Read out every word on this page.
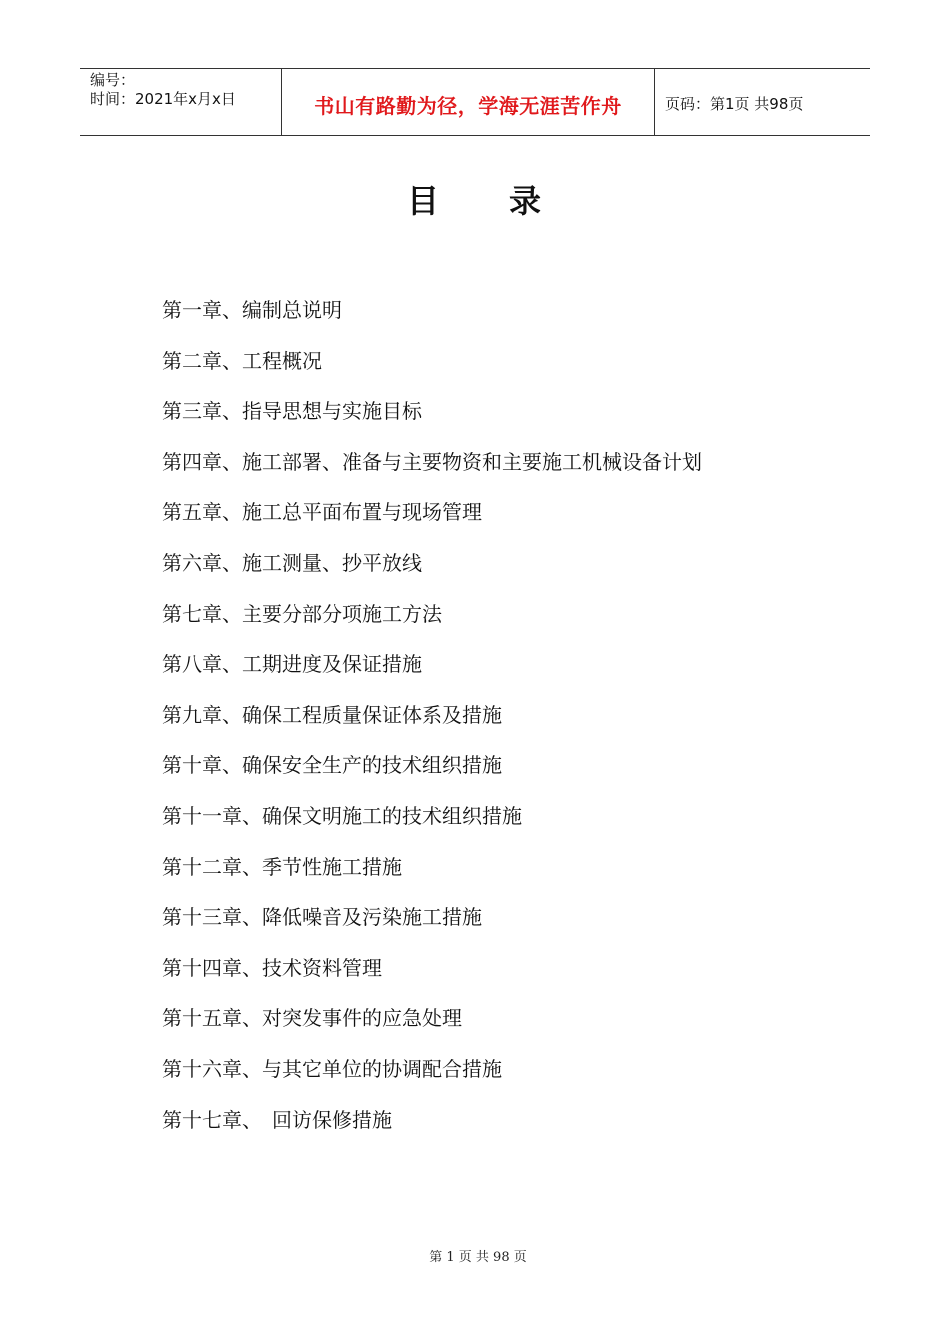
编号：
时间：2021年x月x日	书山有路勤为径，学海无涯苦作舟	页码：第1页 共98页
目　　录
第一章、编制总说明
第二章、工程概况
第三章、指导思想与实施目标
第四章、施工部署、准备与主要物资和主要施工机械设备计划
第五章、施工总平面布置与现场管理
第六章、施工测量、抄平放线
第七章、主要分部分项施工方法
第八章、工期进度及保证措施
第九章、确保工程质量保证体系及措施
第十章、确保安全生产的技术组织措施
第十一章、确保文明施工的技术组织措施
第十二章、季节性施工措施
第十三章、降低噪音及污染施工措施
第十四章、技术资料管理
第十五章、对突发事件的应急处理
第十六章、与其它单位的协调配合措施
第十七章、　回访保修措施
第 1 页 共 98 页
